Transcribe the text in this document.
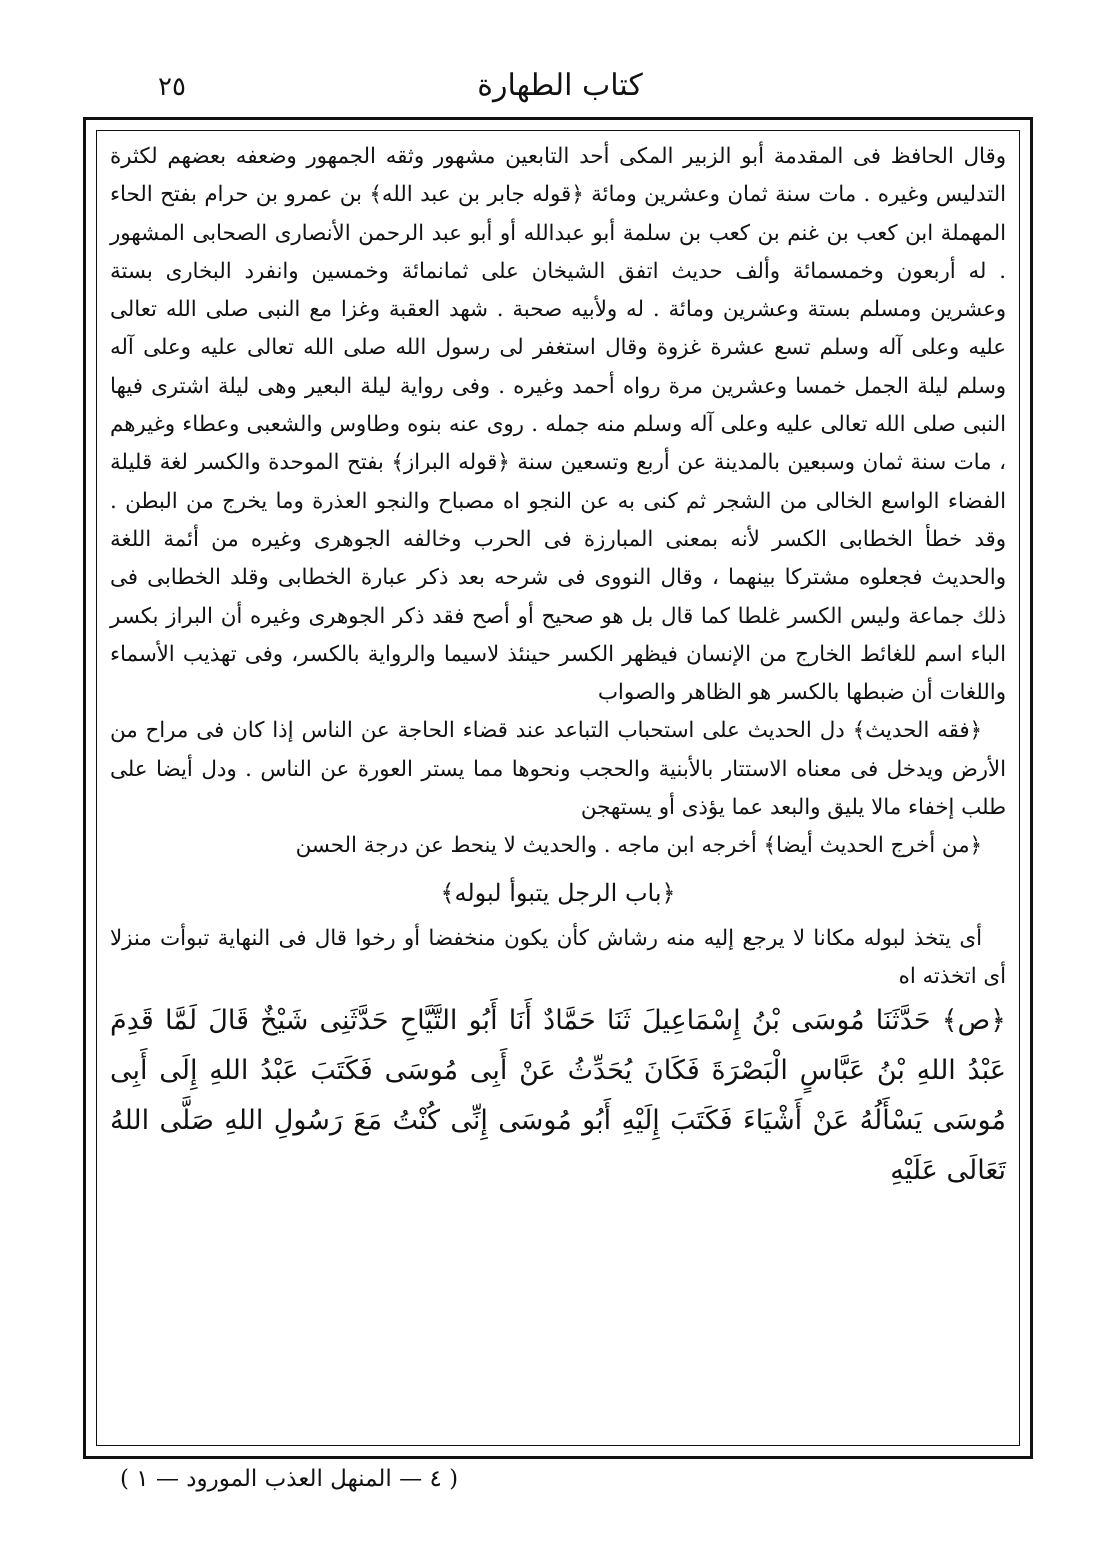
٢٥	كتاب الطهارة

وقال الحافظ فى المقدمة أبو الزبير المكى أحد التابعين مشهور وثقه الجمهور وضعفه بعضهم لكثرة التدليس وغيره . مات سنة ثمان وعشرين ومائة ﴿قوله جابر بن عبد الله﴾ بن عمرو بن حرام بفتح الحاء المهملة ابن كعب بن غنم بن كعب بن سلمة أبو عبدالله أو أبو عبد الرحمن الأنصارى الصحابى المشهور . له أربعون وخمسمائة وألف حديث اتفق الشيخان على ثمانمائة وخمسين وانفرد البخارى بستة وعشرين ومسلم بستة وعشرين ومائة . له ولأبيه صحبة . شهد العقبة وغزا مع النبى صلى الله تعالى عليه وعلى آله وسلم تسع عشرة غزوة وقال استغفر لى رسول الله صلى الله تعالى عليه وعلى آله وسلم ليلة الجمل خمسا وعشرين مرة رواه أحمد وغيره . وفى رواية ليلة البعير وهى ليلة اشترى فيها النبى صلى الله تعالى عليه وعلى آله وسلم منه جمله . روى عنه بنوه وطاوس والشعبى وعطاء وغيرهم ، مات سنة ثمان وسبعين بالمدينة عن أربع وتسعين سنة ﴿قوله البراز﴾ بفتح الموحدة والكسر لغة قليلة الفضاء الواسع الخالى من الشجر ثم كنى به عن النجو اه مصباح والنجو العذرة وما يخرج من البطن . وقد خطأ الخطابى الكسر لأنه بمعنى المبارزة فى الحرب وخالفه الجوهرى وغيره من أئمة اللغة والحديث فجعلوه مشتركا بينهما ، وقال النووى فى شرحه بعد ذكر عبارة الخطابى وقلد الخطابى فى ذلك جماعة وليس الكسر غلطا كما قال بل هو صحيح أو أصح فقد ذكر الجوهرى وغيره أن البراز بكسر الباء اسم للغائط الخارج من الإنسان فيظهر الكسر حينئذ لاسيما والرواية بالكسر، وفى تهذيب الأسماء واللغات أن ضبطها بالكسر هو الظاهر والصواب

﴿فقه الحديث﴾ دل الحديث على استحباب التباعد عند قضاء الحاجة عن الناس إذا كان فى مراح من الأرض ويدخل فى معناه الاستتار بالأبنية والحجب ونحوها مما يستر العورة عن الناس . ودل أيضا على طلب إخفاء مالا يليق والبعد عما يؤذى أو يستهجن

﴿من أخرج الحديث أيضا﴾ أخرجه ابن ماجه . والحديث لا ينحط عن درجة الحسن

﴿باب الرجل يتبوأ لبوله﴾

أى يتخذ لبوله مكانا لا يرجع إليه منه رشاش كأن يكون منخفضا أو رخوا قال فى النهاية تبوأت منزلا أى اتخذته اه

﴿ص﴾ حَدَّثَنَا مُوسَى بْنُ إِسْمَاعِيلَ ثَنَا حَمَّادٌ أَنَا أَبُو التَّيَّاحِ حَدَّثَنِى شَيْخٌ قَالَ لَمَّا قَدِمَ عَبْدُ اللهِ بْنُ عَبَّاسٍ الْبَصْرَةَ فَكَانَ يُحَدِّثُ عَنْ أَبِى مُوسَى فَكَتَبَ عَبْدُ اللهِ إِلَى أَبِى مُوسَى يَسْأَلُهُ عَنْ أَشْيَاءَ فَكَتَبَ إِلَيْهِ أَبُو مُوسَى إِنِّى كُنْتُ مَعَ رَسُولِ اللهِ صَلَّى اللهُ تَعَالَى عَلَيْهِ

( ٤ — المنهل العذب المورود — ١ )
